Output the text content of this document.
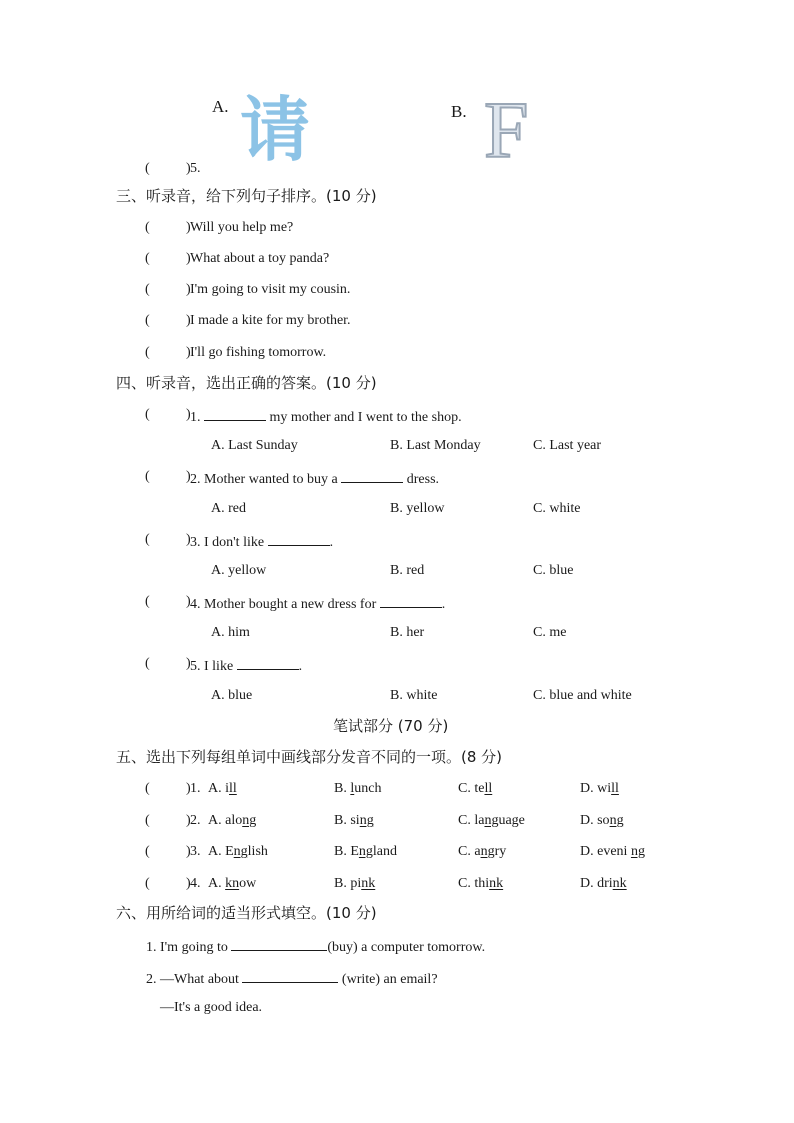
A. 请	B. F
(	) 5.
三、听录音，给下列句子排序。(10 分)
(	) Will you help me?
(	) What about a toy panda?
(	) I'm going to visit my cousin.
(	) I made a kite for my brother.
(	) I'll go fishing tomorrow.
四、听录音，选出正确的答案。(10 分)
(	) 1.	my mother and I went to the shop.
A. Last Sunday	B. Last Monday	C. Last year
(	) 2. Mother wanted to buy a	dress.
A. red	B. yellow	C. white
(	) 3. I don't like	.
A. yellow	B. red	C. blue
(	) 4. Mother bought a new dress for	.
A. him	B. her	C. me
(	) 5. I like	.
A. blue	B. white	C. blue and white
笔试部分 (70 分)
五、选出下列每组单词中画线部分发音不同的一项。(8 分)
(	) 1. A. ill	B. lunch	C. tell	D. will
(	) 2. A. along	B. sing	C. language	D. song
(	) 3. A. English	B. England	C. angry	D. eveni ng
(	) 4. A. know	B. pink	C. think	D. drink
六、用所给词的适当形式填空。(10 分)
1. I'm going to	(buy) a computer tomorrow.
2. —What about	(write) an email?
—It's a good idea.
